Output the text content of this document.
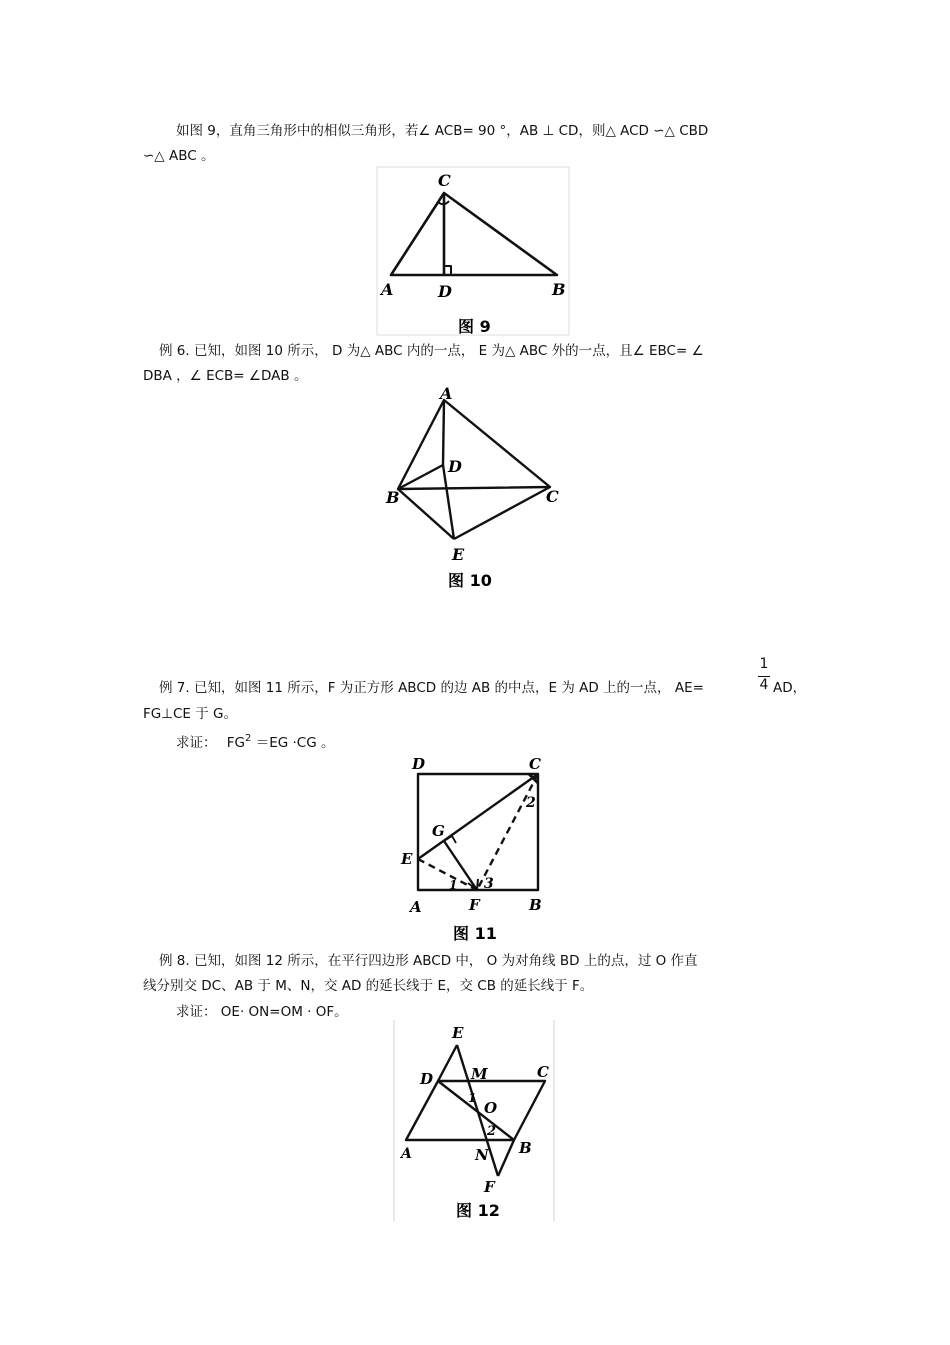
如图 9，直角三角形中的相似三角形，若∠ ACB= 90 °，AB ⊥ CD，则△ ACD ∽△ CBD
∽△ ABC 。
C
A	D	B
图 9
例 6. 已知，如图 10 所示， D 为△ ABC 内的一点， E 为△ ABC 外的一点，且∠ EBC= ∠
DBA ，∠ ECB= ∠DAB 。
A
D
B	C
E
图 10
例 7. 已知，如图 11 所示，F 为正方形 ABCD 的边 AB 的中点，E 为 AD 上的一点， AE=
1
4 AD，
FG⊥CE 于 G。
求证： $FG^2 =EG \cdot CG$ 。
D	C
2
G
E
1 3
A	F	B
图 11
例 8. 已知，如图 12 所示，在平行四边形 ABCD 中， O 为对角线 BD 上的点，过 O 作直
线分别交 DC、AB 于 M、N，交 AD 的延长线于 E，交 CB 的延长线于 F。
求证： OE· ON=OM · OF。
E
D	M	C
1
O
2
A	N B
F
图 12
